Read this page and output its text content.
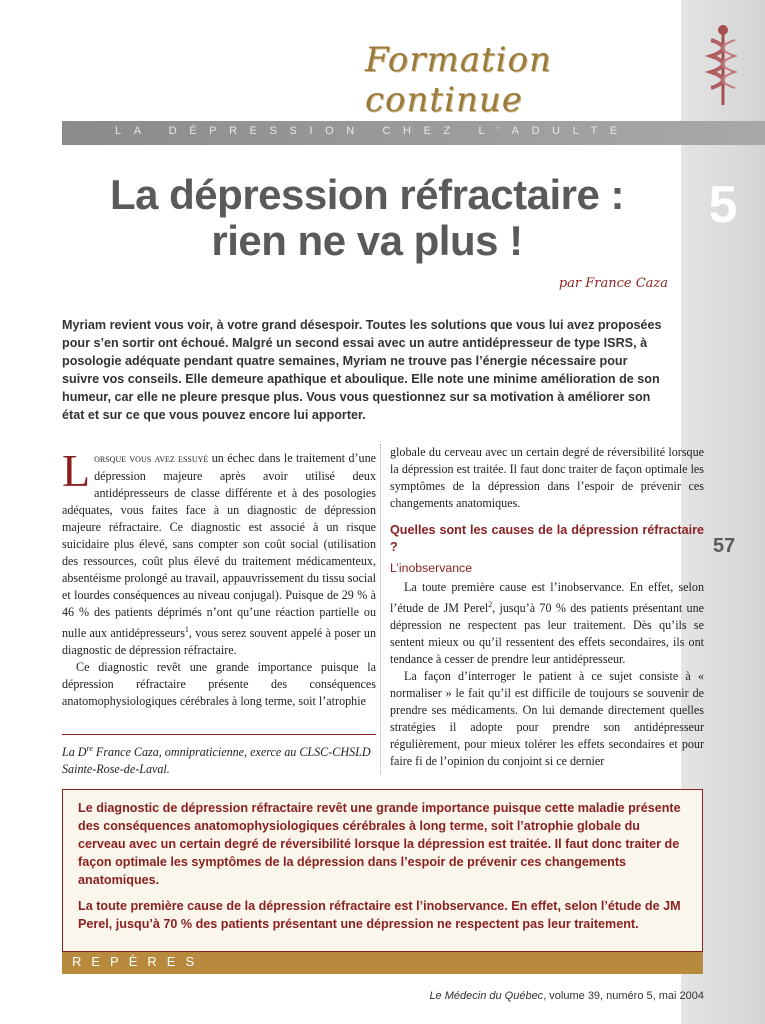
Formation continue
LA DÉPRESSION CHEZ L’ADULTE
5
La dépression réfractaire :
rien ne va plus !
par France Caza
Myriam revient vous voir, à votre grand désespoir. Toutes les solutions que vous lui avez proposées pour s’en sortir ont échoué. Malgré un second essai avec un autre antidépresseur de type ISRS, à posologie adéquate pendant quatre semaines, Myriam ne trouve pas l’énergie nécessaire pour suivre vos conseils. Elle demeure apathique et aboulique. Elle note une minime amélioration de son humeur, car elle ne pleure presque plus. Vous vous questionnez sur sa motivation à améliorer son état et sur ce que vous pouvez encore lui apporter.

Lorsque vous avez essuyé un échec dans le traitement d’une dépression majeure après avoir utilisé deux antidépresseurs de classe différente et à des posologies adéquates, vous faites face à un diagnostic de dépression majeure réfractaire. Ce diagnostic est associé à un risque suicidaire plus élevé, sans compter son coût social (utilisation des ressources, coût plus élevé du traitement médicamenteux, absentéisme prolongé au travail, appauvrissement du tissu social et lourdes conséquences au niveau conjugal). Puisque de 29 % à 46 % des patients déprimés n’ont qu’une réaction partielle ou nulle aux antidépresseurs$^1$, vous serez souvent appelé à poser un diagnostic de dépression réfractaire.

Ce diagnostic revêt une grande importance puisque la dépression réfractaire présente des conséquences anatomophysiologiques cérébrales à long terme, soit l’atrophie

La Dre France Caza, omnipraticienne, exerce au CLSC-CHSLD Sainte-Rose-de-Laval.

globale du cerveau avec un certain degré de réversibilité lorsque la dépression est traitée. Il faut donc traiter de façon optimale les symptômes de la dépression dans l’espoir de prévenir ces changements anatomiques.

Quelles sont les causes de la dépression réfractaire ?

L’inobservance

La toute première cause est l’inobservance. En effet, selon l’étude de JM Perel$^2$, jusqu’à 70 % des patients présentant une dépression ne respectent pas leur traitement. Dès qu’ils se sentent mieux ou qu’il ressentent des effets secondaires, ils ont tendance à cesser de prendre leur antidépresseur.

La façon d’interroger le patient à ce sujet consiste à « normaliser » le fait qu’il est difficile de toujours se souvenir de prendre ses médicaments. On lui demande directement quelles stratégies il adopte pour prendre son antidépresseur régulièrement, pour mieux tolérer les effets secondaires et pour faire fi de l’opinion du conjoint si ce dernier

57

Le diagnostic de dépression réfractaire revêt une grande importance puisque cette maladie présente des conséquences anatomophysiologiques cérébrales à long terme, soit l’atrophie globale du cerveau avec un certain degré de réversibilité lorsque la dépression est traitée. Il faut donc traiter de façon optimale les symptômes de la dépression dans l’espoir de prévenir ces changements anatomiques.

La toute première cause de la dépression réfractaire est l’inobservance. En effet, selon l’étude de JM Perel, jusqu’à 70 % des patients présentant une dépression ne respectent pas leur traitement.

REPÈRES
Le Médecin du Québec, volume 39, numéro 5, mai 2004
